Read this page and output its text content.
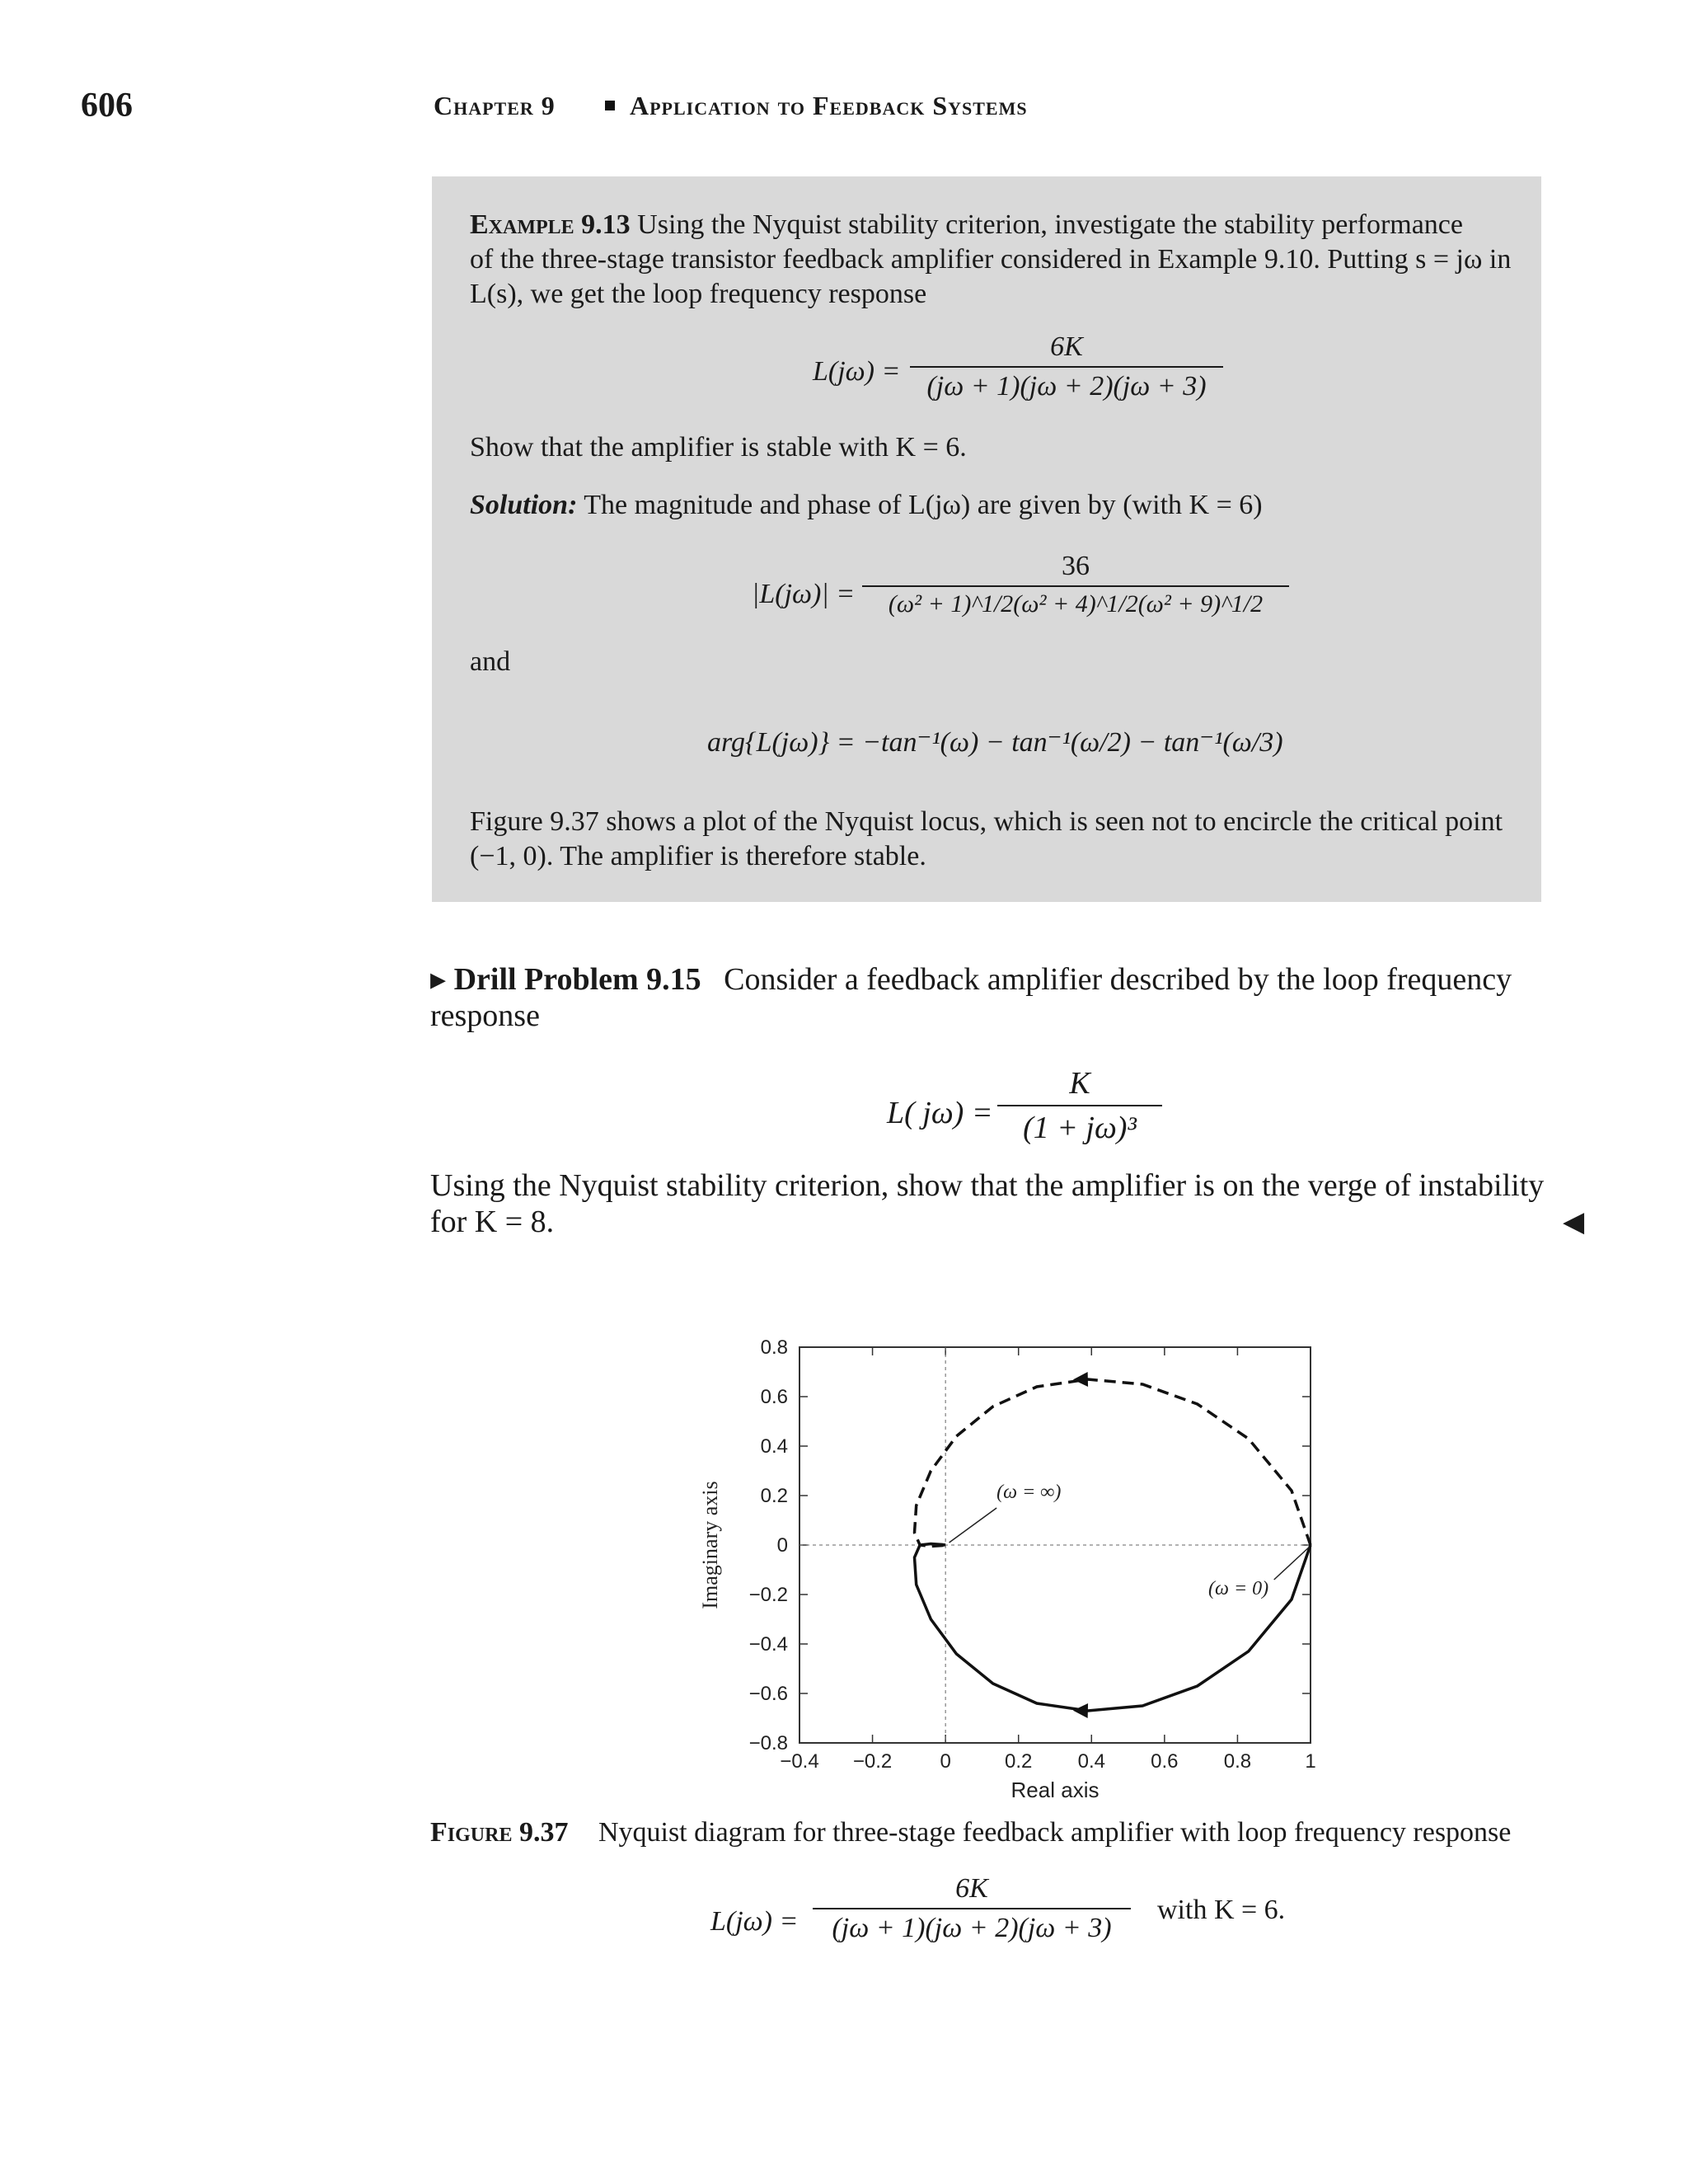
606	Chapter 9	Application to Feedback Systems
Example 9.13 Using the Nyquist stability criterion, investigate the stability performance
of the three-stage transistor feedback amplifier considered in Example 9.10. Putting s = jω in
L(s), we get the loop frequency response
L(jω) =
6K
(jω + 1)(jω + 2)(jω + 3)
Show that the amplifier is stable with K = 6.
Solution: The magnitude and phase of L(jω) are given by (with K = 6)
|L(jω)| =
36
(ω² + 1)^1/2(ω² + 4)^1/2(ω² + 9)^1/2
and
arg{L(jω)} = −tan⁻¹(ω) − tan⁻¹(ω/2) − tan⁻¹(ω/3)
Figure 9.37 shows a plot of the Nyquist locus, which is seen not to encircle the critical point
(−1, 0). The amplifier is therefore stable.
▸ Drill Problem 9.15 Consider a feedback amplifier described by the loop frequency
response
L( jω) =
K
(1 + jω)³
Using the Nyquist stability criterion, show that the amplifier is on the verge of instability
for K = 8.	◀
−0.4 −0.2 0	0.2 0.4 0.6 0.8	1
0.8
0.6
0.4
0.2
0
−0.2
−0.4
−0.6
−0.8
Real axis
Imaginary axis	(ω = ∞)
(ω = 0)
Figure 9.37 Nyquist diagram for three-stage feedback amplifier with loop frequency response
L(jω) =
6K
(jω + 1)(jω + 2)(jω + 3)
with K = 6.
